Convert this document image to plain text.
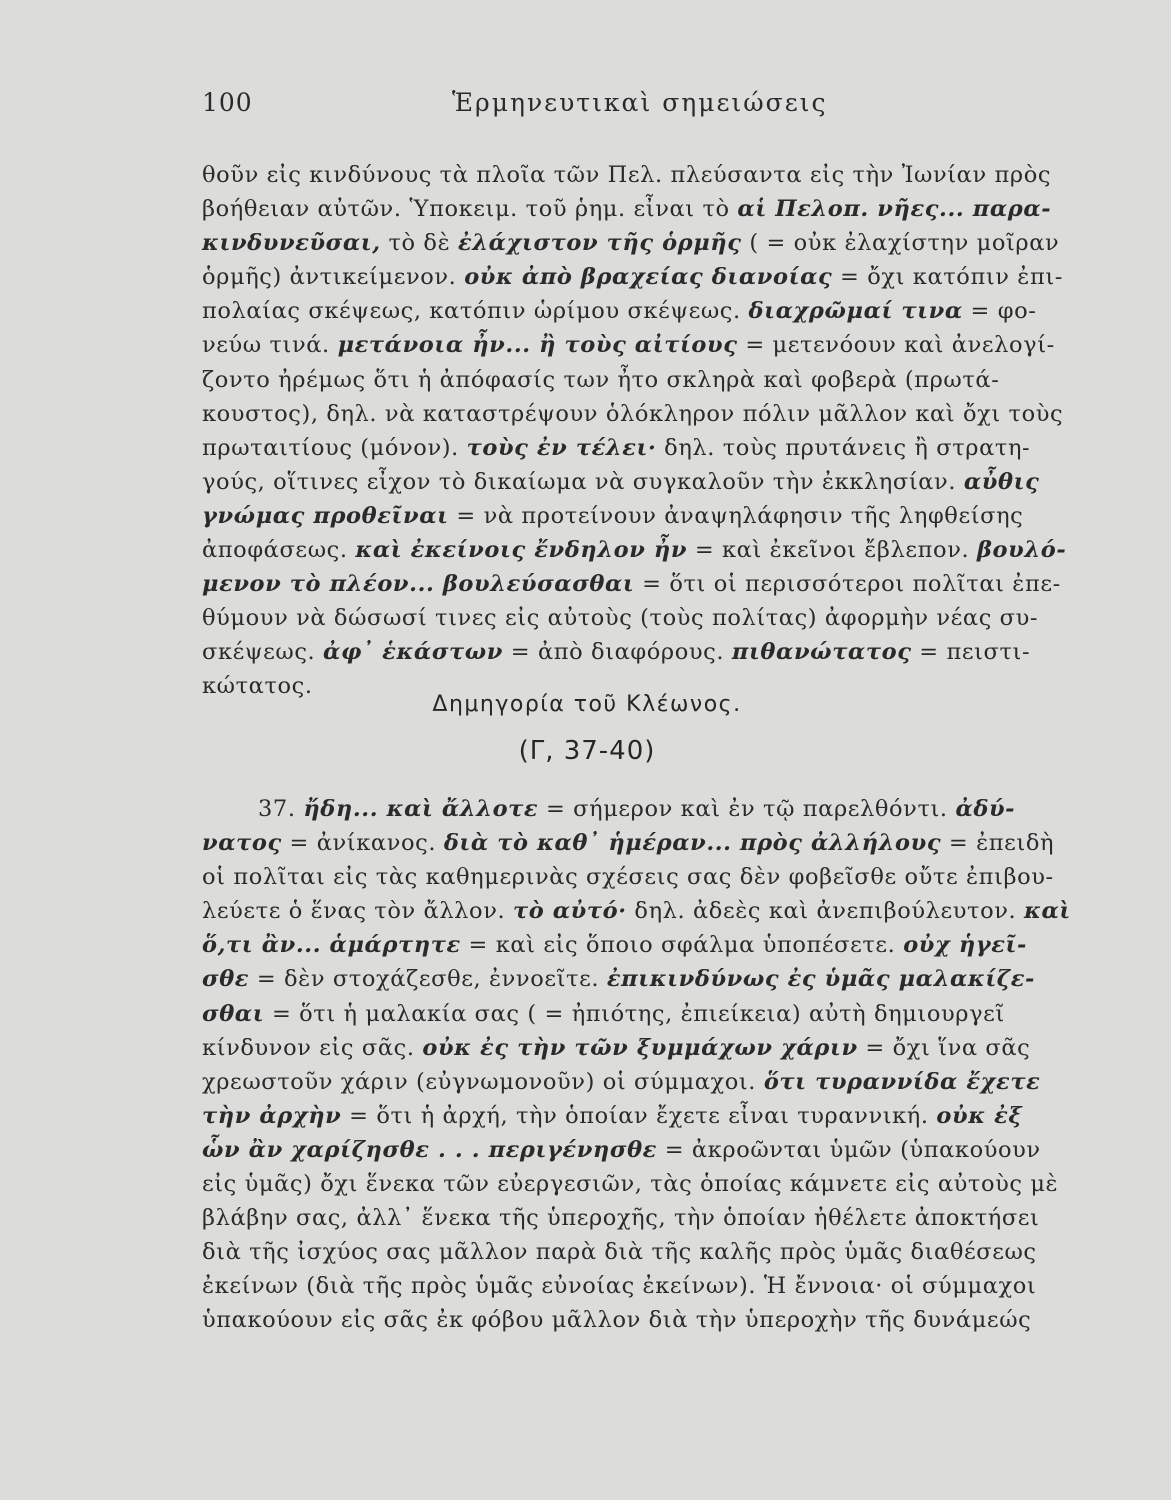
100	Ἑρμηνευτικαὶ σημειώσεις
θοῦν εἰς κινδύνους τὰ πλοῖα τῶν Πελ. πλεύσαντα εἰς τὴν Ἰωνίαν πρὸς
βοήθειαν αὐτῶν. Ὑποκειμ. τοῦ ῥημ. εἶναι τὸ αἱ Πελοπ. νῆες... παρα-
κινδυνεῦσαι, τὸ δὲ ἐλάχιστον τῆς ὁρμῆς ( = οὐκ ἐλαχίστην μοῖραν
ὁρμῆς) ἀντικείμενον. οὐκ ἀπὸ βραχείας διανοίας = ὄχι κατόπιν ἐπι-
πολαίας σκέψεως, κατόπιν ὡρίμου σκέψεως. διαχρῶμαί τινα = φο-
νεύω τινά. μετάνοια ἦν... ἢ τοὺς αἰτίους = μετενόουν καὶ ἀνελογί-
ζοντο ἠρέμως ὅτι ἡ ἀπόφασίς των ἦτο σκληρὰ καὶ φοβερὰ (πρωτά-
κουστος), δηλ. νὰ καταστρέψουν ὁλόκληρον πόλιν μᾶλλον καὶ ὄχι τοὺς
πρωταιτίους (μόνον). τοὺς ἐν τέλει· δηλ. τοὺς πρυτάνεις ἢ στρατη-
γούς, οἵτινες εἶχον τὸ δικαίωμα νὰ συγκαλοῦν τὴν ἐκκλησίαν. αὖθις
γνώμας προθεῖναι = νὰ προτείνουν ἀναψηλάφησιν τῆς ληφθείσης
ἀποφάσεως. καὶ ἐκείνοις ἔνδηλον ἦν = καὶ ἐκεῖνοι ἔβλεπον. βουλό-
μενον τὸ πλέον... βουλεύσασθαι = ὅτι οἱ περισσότεροι πολῖται ἐπε-
θύμουν νὰ δώσωσί τινες εἰς αὐτοὺς (τοὺς πολίτας) ἀφορμὴν νέας συ-
σκέψεως. ἀφ᾽ ἑκάστων = ἀπὸ διαφόρους. πιθανώτατος = πειστι-
κώτατος.
Δημηγορία τοῦ Κλέωνος.
(Γ, 37-40)
37. ἤδη... καὶ ἄλλοτε = σήμερον καὶ ἐν τῷ παρελθόντι. ἀδύ-
νατος = ἀνίκανος. διὰ τὸ καθ᾽ ἡμέραν... πρὸς ἀλλήλους = ἐπειδὴ
οἱ πολῖται εἰς τὰς καθημερινὰς σχέσεις σας δὲν φοβεῖσθε οὔτε ἐπιβου-
λεύετε ὁ ἕνας τὸν ἄλλον. τὸ αὐτό· δηλ. ἀδεὲς καὶ ἀνεπιβούλευτον. καὶ
ὅ,τι ἂν... ἁμάρτητε = καὶ εἰς ὅποιο σφάλμα ὑποπέσετε. οὐχ ἡγεῖ-
σθε = δὲν στοχάζεσθε, ἐννοεῖτε. ἐπικινδύνως ἐς ὑμᾶς μαλακίζε-
σθαι = ὅτι ἡ μαλακία σας ( = ἠπιότης, ἐπιείκεια) αὐτὴ δημιουργεῖ
κίνδυνον εἰς σᾶς. οὐκ ἐς τὴν τῶν ξυμμάχων χάριν = ὄχι ἵνα σᾶς
χρεωστοῦν χάριν (εὐγνωμονοῦν) οἱ σύμμαχοι. ὅτι τυραννίδα ἔχετε
τὴν ἀρχὴν = ὅτι ἡ ἀρχή, τὴν ὁποίαν ἔχετε εἶναι τυραννική. οὐκ ἐξ
ὧν ἂν χαρίζησθε . . . περιγένησθε = ἀκροῶνται ὑμῶν (ὑπακούουν
εἰς ὑμᾶς) ὄχι ἕνεκα τῶν εὐεργεσιῶν, τὰς ὁποίας κάμνετε εἰς αὐτοὺς μὲ
βλάβην σας, ἀλλ᾽ ἕνεκα τῆς ὑπεροχῆς, τὴν ὁποίαν ἠθέλετε ἀποκτήσει
διὰ τῆς ἰσχύος σας μᾶλλον παρὰ διὰ τῆς καλῆς πρὸς ὑμᾶς διαθέσεως
ἐκείνων (διὰ τῆς πρὸς ὑμᾶς εὐνοίας ἐκείνων). Ἡ ἔννοια· οἱ σύμμαχοι
ὑπακούουν εἰς σᾶς ἐκ φόβου μᾶλλον διὰ τὴν ὑπεροχὴν τῆς δυνάμεώς
